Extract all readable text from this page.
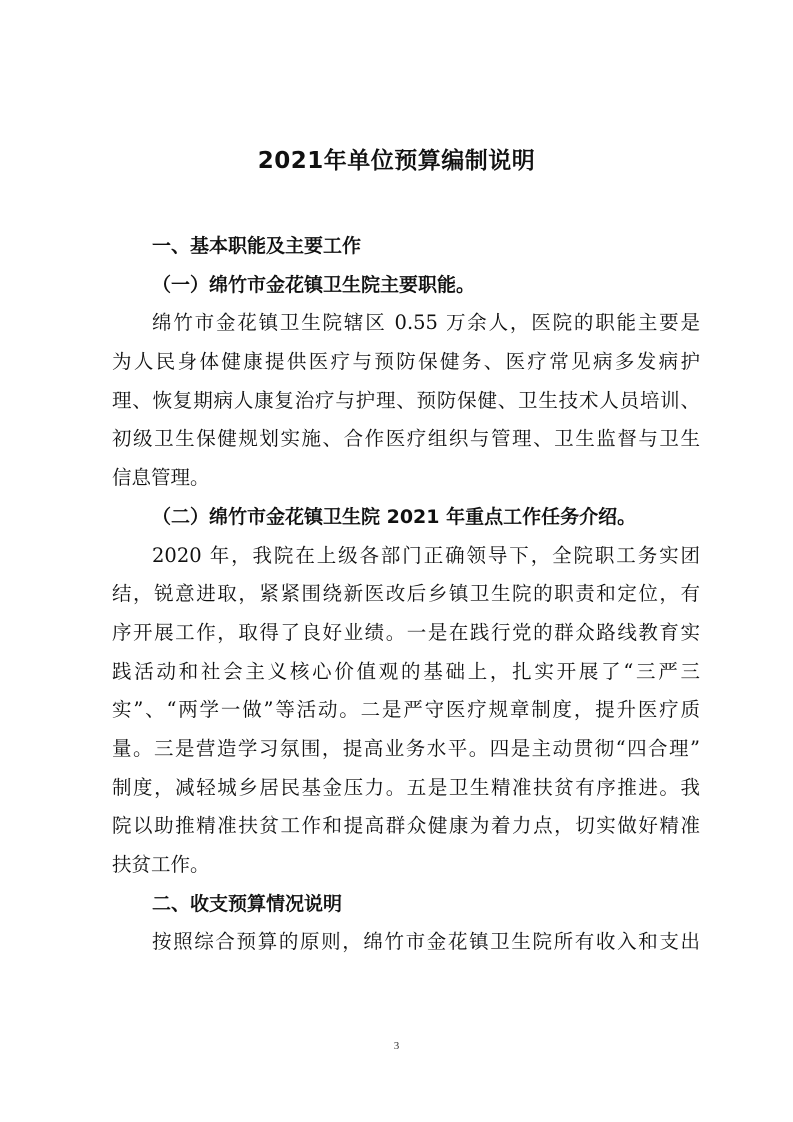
2021年单位预算编制说明
一、基本职能及主要工作
（一）绵竹市金花镇卫生院主要职能。
绵竹市金花镇卫生院辖区 0.55 万余人，医院的职能主要是
为人民身体健康提供医疗与预防保健务、医疗常见病多发病护
理、恢复期病人康复治疗与护理、预防保健、卫生技术人员培训、
初级卫生保健规划实施、合作医疗组织与管理、卫生监督与卫生
信息管理。
（二）绵竹市金花镇卫生院 2021 年重点工作任务介绍。
2020 年，我院在上级各部门正确领导下，全院职工务实团
结，锐意进取，紧紧围绕新医改后乡镇卫生院的职责和定位，有
序开展工作，取得了良好业绩。一是在践行党的群众路线教育实
践活动和社会主义核心价值观的基础上，扎实开展了“三严三
实”、“两学一做”等活动。二是严守医疗规章制度，提升医疗质
量。三是营造学习氛围，提高业务水平。四是主动贯彻“四合理”
制度，减轻城乡居民基金压力。五是卫生精准扶贫有序推进。我
院以助推精准扶贫工作和提高群众健康为着力点，切实做好精准
扶贫工作。
二、收支预算情况说明
按照综合预算的原则，绵竹市金花镇卫生院所有收入和支出
3
